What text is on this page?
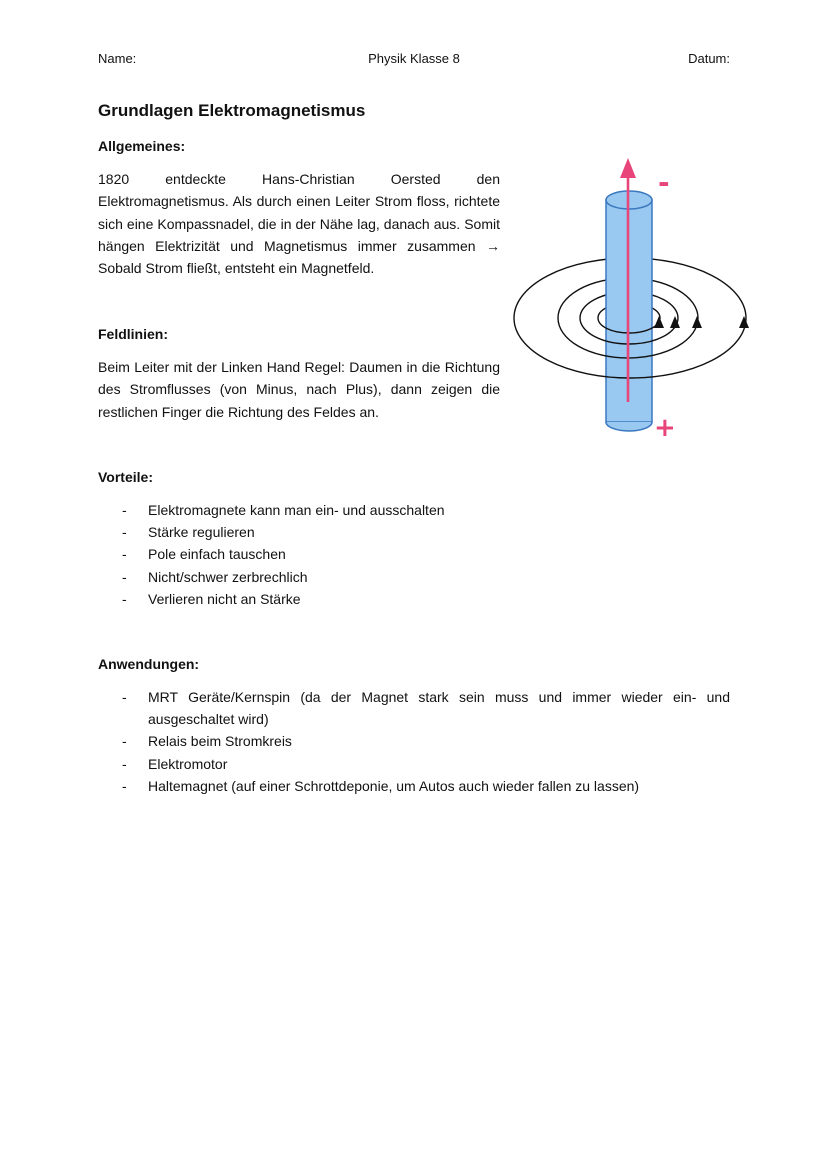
Name:	Physik Klasse 8	Datum:
Grundlagen Elektromagnetismus
Allgemeines:

1820 entdeckte Hans-Christian Oersted den Elektromagnetismus. Als durch einen Leiter Strom floss, richtete sich eine Kompassnadel, die in der Nähe lag, danach aus. Somit hängen Elektrizität und Magnetismus immer zusammen → Sobald Strom fließt, entsteht ein Magnetfeld.

Feldlinien:

Beim Leiter mit der Linken Hand Regel: Daumen in die Richtung des Stromflusses (von Minus, nach Plus), dann zeigen die restlichen Finger die Richtung des Feldes an.

Vorteile:
- Elektromagnete kann man ein- und ausschalten
- Stärke regulieren
- Pole einfach tauschen
- Nicht/schwer zerbrechlich
- Verlieren nicht an Stärke
Anwendungen:
- MRT Geräte/Kernspin (da der Magnet stark sein muss und immer wieder ein- und ausgeschaltet wird)
- Relais beim Stromkreis
- Elektromotor
- Haltemagnet (auf einer Schrottdeponie, um Autos auch wieder fallen zu lassen)
-
+
